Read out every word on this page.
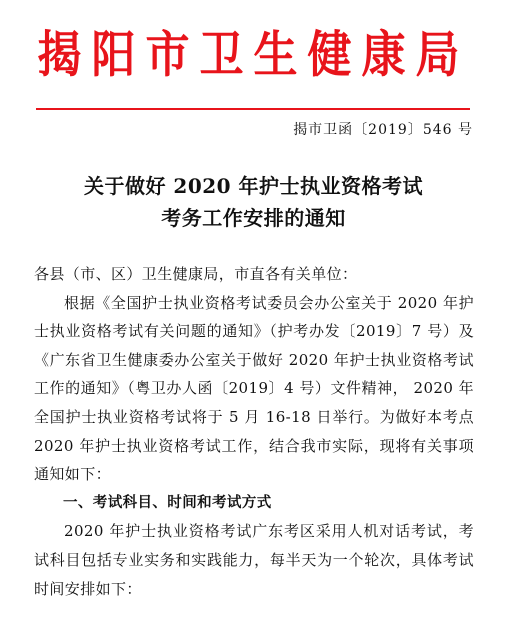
揭阳市卫生健康局
揭市卫函〔2019〕546 号
关于做好 2020 年护士执业资格考试
考务工作安排的通知

各县（市、区）卫生健康局，市直各有关单位：

根据《全国护士执业资格考试委员会办公室关于 2020 年护士执业资格考试有关问题的通知》（护考办发〔2019〕7 号）及《广东省卫生健康委办公室关于做好 2020 年护士执业资格考试工作的通知》（粤卫办人函〔2019〕4 号）文件精神， 2020 年全国护士执业资格考试将于 5 月 16-18 日举行。为做好本考点 2020 年护士执业资格考试工作，结合我市实际，现将有关事项通知如下：

一、考试科目、时间和考试方式

2020 年护士执业资格考试广东考区采用人机对话考试，考试科目包括专业实务和实践能力，每半天为一个轮次，具体考试时间安排如下：
